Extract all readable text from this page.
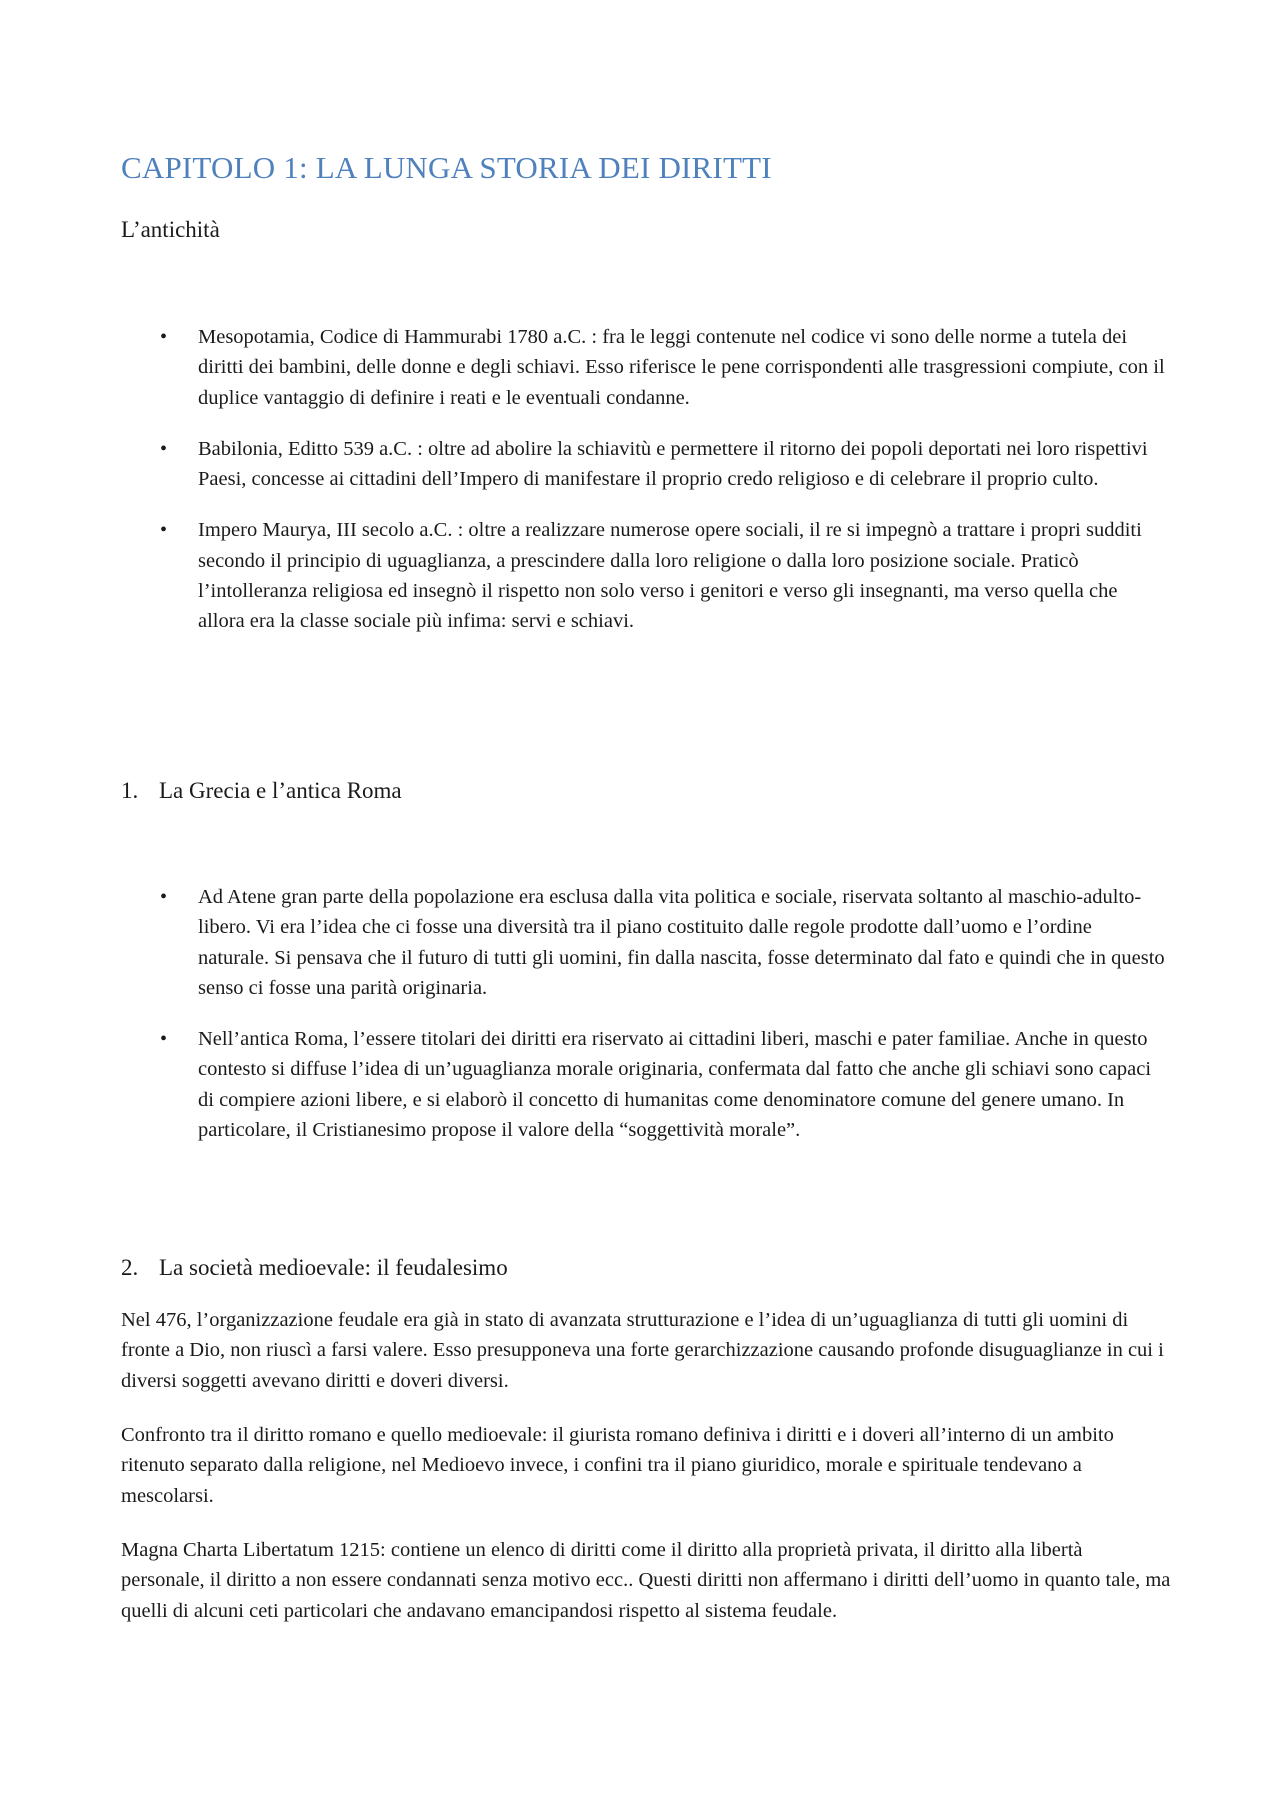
CAPITOLO 1: LA LUNGA STORIA DEI DIRITTI
L’antichità
• Mesopotamia, Codice di Hammurabi 1780 a.C. : fra le leggi contenute nel codice vi sono delle norme a tutela dei diritti dei bambini, delle donne e degli schiavi. Esso riferisce le pene corrispondenti alle trasgressioni compiute, con il duplice vantaggio di definire i reati e le eventuali condanne.

• Babilonia, Editto 539 a.C. : oltre ad abolire la schiavitù e permettere il ritorno dei popoli deportati nei loro rispettivi Paesi, concesse ai cittadini dell’Impero di manifestare il proprio credo religioso e di celebrare il proprio culto.

• Impero Maurya, III secolo a.C. : oltre a realizzare numerose opere sociali, il re si impegnò a trattare i propri sudditi secondo il principio di uguaglianza, a prescindere dalla loro religione o dalla loro posizione sociale. Praticò l’intolleranza religiosa ed insegnò il rispetto non solo verso i genitori e verso gli insegnanti, ma verso quella che allora era la classe sociale più infima: servi e schiavi.

1. La Grecia e l’antica Roma
• Ad Atene gran parte della popolazione era esclusa dalla vita politica e sociale, riservata soltanto al maschio-adulto-libero. Vi era l’idea che ci fosse una diversità tra il piano costituito dalle regole prodotte dall’uomo e l’ordine naturale. Si pensava che il futuro di tutti gli uomini, fin dalla nascita, fosse determinato dal fato e quindi che in questo senso ci fosse una parità originaria.

• Nell’antica Roma, l’essere titolari dei diritti era riservato ai cittadini liberi, maschi e pater familiae. Anche in questo contesto si diffuse l’idea di un’uguaglianza morale originaria, confermata dal fatto che anche gli schiavi sono capaci di compiere azioni libere, e si elaborò il concetto di humanitas come denominatore comune del genere umano. In particolare, il Cristianesimo propose il valore della “soggettività morale”.

2. La società medioevale: il feudalesimo

Nel 476, l’organizzazione feudale era già in stato di avanzata strutturazione e l’idea di un’uguaglianza di tutti gli uomini di fronte a Dio, non riuscì a farsi valere. Esso presupponeva una forte gerarchizzazione causando profonde disuguaglianze in cui i diversi soggetti avevano diritti e doveri diversi.

Confronto tra il diritto romano e quello medioevale: il giurista romano definiva i diritti e i doveri all’interno di un ambito ritenuto separato dalla religione, nel Medioevo invece, i confini tra il piano giuridico, morale e spirituale tendevano a mescolarsi.

Magna Charta Libertatum 1215: contiene un elenco di diritti come il diritto alla proprietà privata, il diritto alla libertà personale, il diritto a non essere condannati senza motivo ecc.. Questi diritti non affermano i diritti dell’uomo in quanto tale, ma quelli di alcuni ceti particolari che andavano emancipandosi rispetto al sistema feudale.
